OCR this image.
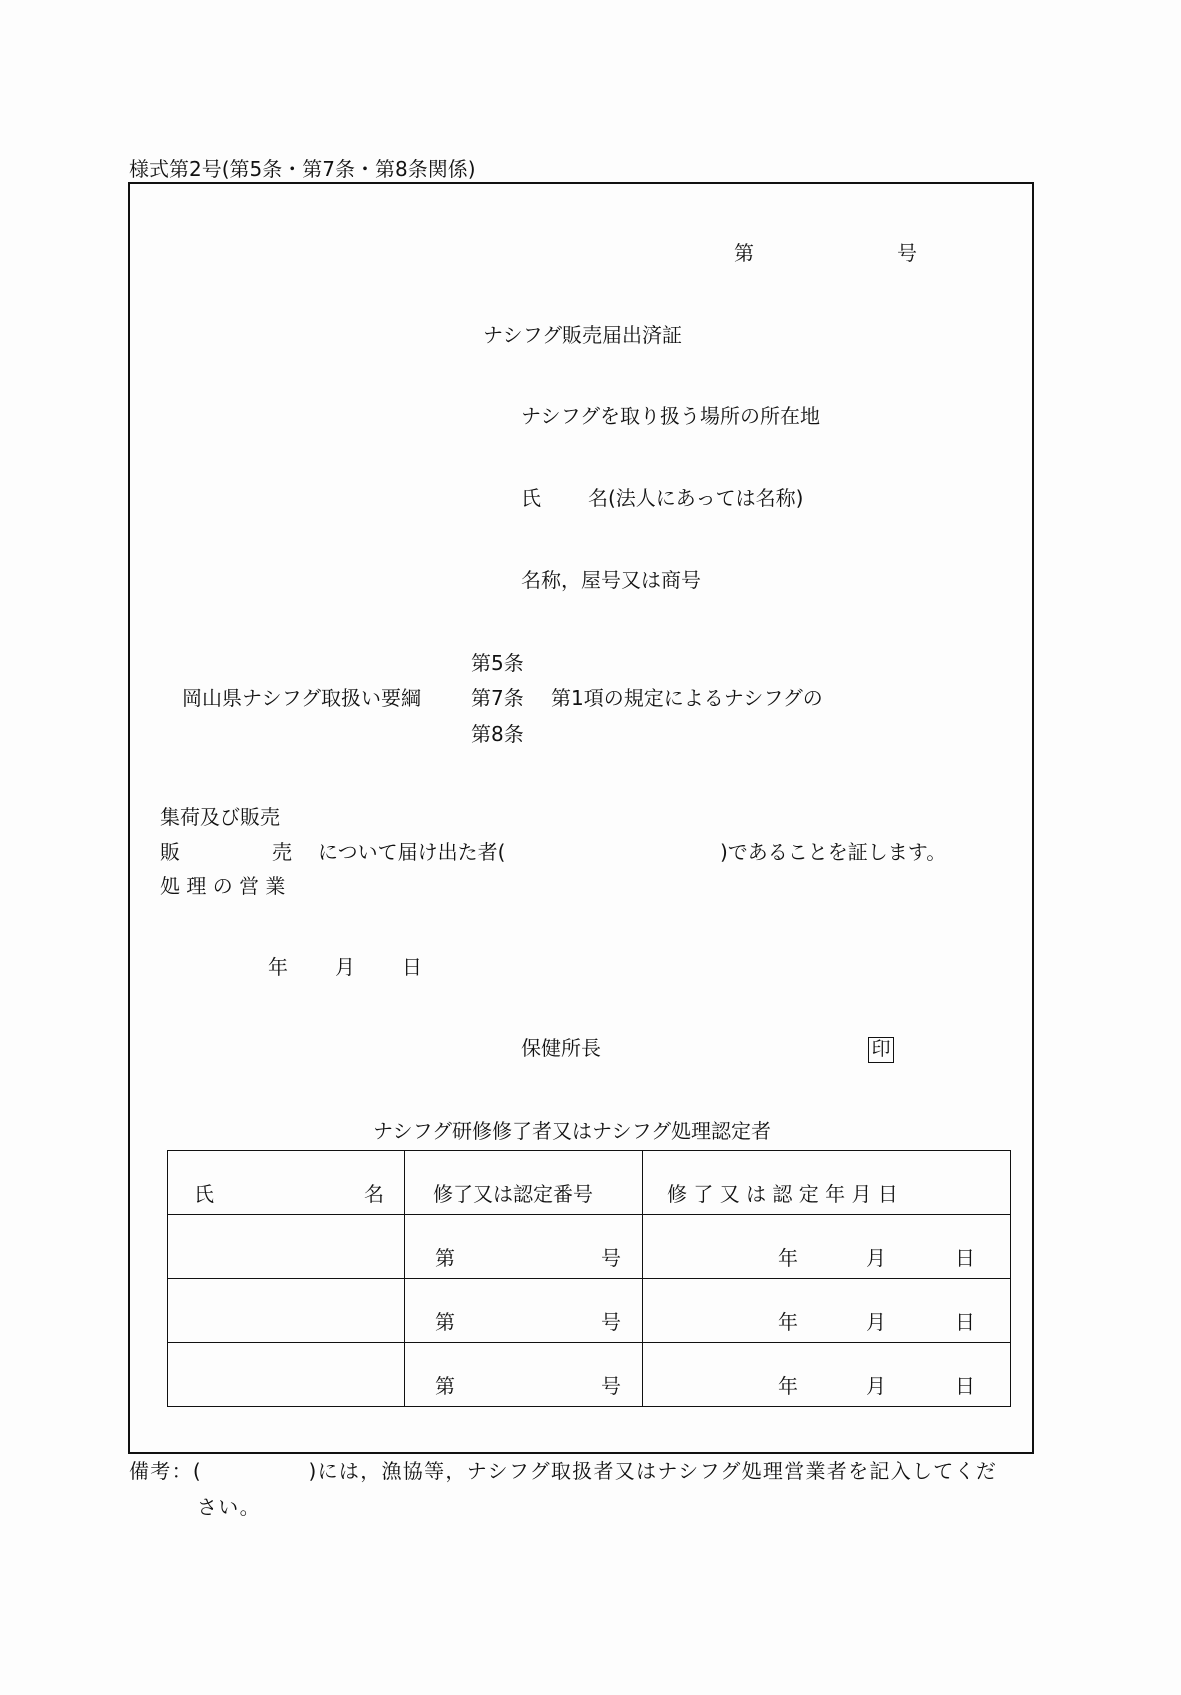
様式第2号(第5条・第7条・第8条関係)
第	号
ナシフグ販売届出済証
ナシフグを取り扱う場所の所在地
氏 名(法人にあっては名称)
名称，屋号又は商号
第5条
岡山県ナシフグ取扱い要綱	第7条 第1項の規定によるナシフグの
第8条
集荷及び販売
販	売 について届け出た者(	)であることを証します。
処 理 の 営 業
年 月 日
保健所長	印
ナシフグ研修修了者又はナシフグ処理認定者
氏 名	修了又は認定番号	修 了 又 は 認 定 年 月 日

	第 号	年 月 日

	第 号	年 月 日

	第 号	年 月 日
備考：(　　　　　)には，漁協等，ナシフグ取扱者又はナシフグ処理営業者を記入してくだ
さい。
